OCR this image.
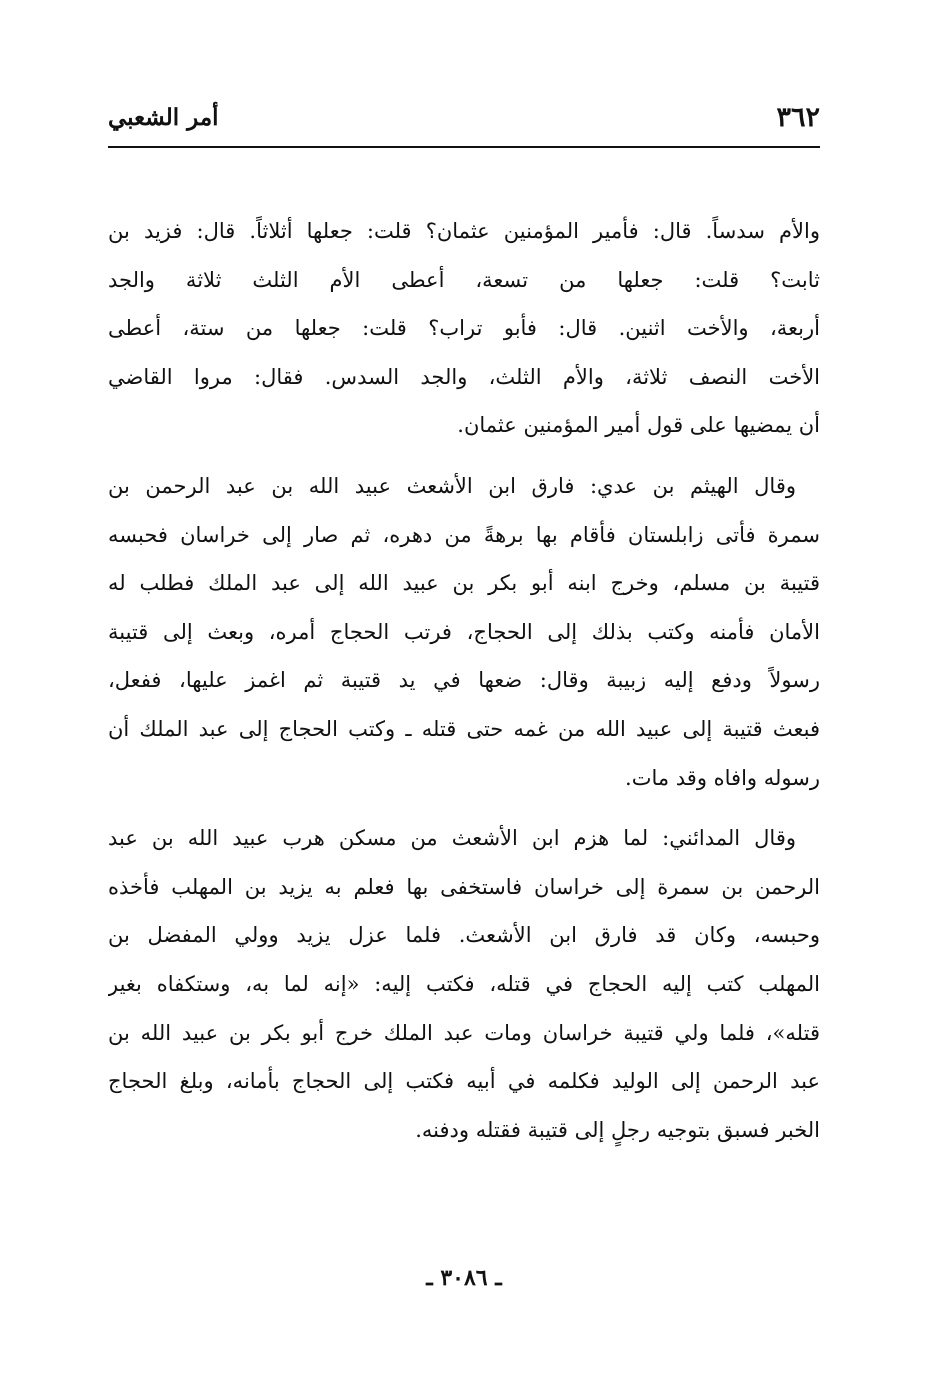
٣٦٢
أمر الشعبي

والأم سدساً. قال: فأمير المؤمنين عثمان؟ قلت: جعلها أثلاثاً. قال: فزيد بن
ثابت؟ قلت: جعلها من تسعة، أعطى الأم الثلث ثلاثة والجد
أربعة، والأخت اثنين. قال: فأبو تراب؟ قلت: جعلها من ستة، أعطى
الأخت النصف ثلاثة، والأم الثلث، والجد السدس. فقال: مروا القاضي
أن يمضيها على قول أمير المؤمنين عثمان.

وقال الهيثم بن عدي: فارق ابن الأشعث عبيد الله بن عبد الرحمن بن
سمرة فأتى زابلستان فأقام بها برهةً من دهره، ثم صار إلى خراسان فحبسه
قتيبة بن مسلم، وخرج ابنه أبو بكر بن عبيد الله إلى عبد الملك فطلب له
الأمان فأمنه وكتب بذلك إلى الحجاج، فرتب الحجاج أمره، وبعث إلى قتيبة
رسولاً ودفع إليه زبيبة وقال: ضعها في يد قتيبة ثم اغمز عليها، ففعل،
فبعث قتيبة إلى عبيد الله من غمه حتى قتله ـ وكتب الحجاج إلى عبد الملك أن
رسوله وافاه وقد مات.

وقال المدائني: لما هزم ابن الأشعث من مسكن هرب عبيد الله بن عبد
الرحمن بن سمرة إلى خراسان فاستخفى بها فعلم به يزيد بن المهلب فأخذه
وحبسه، وكان قد فارق ابن الأشعث. فلما عزل يزيد وولي المفضل بن
المهلب كتب إليه الحجاج في قتله، فكتب إليه: «إنه لما به، وستكفاه بغير
قتله»، فلما ولي قتيبة خراسان ومات عبد الملك خرج أبو بكر بن عبيد الله بن
عبد الرحمن إلى الوليد فكلمه في أبيه فكتب إلى الحجاج بأمانه، وبلغ الحجاج
الخبر فسبق بتوجيه رجلٍ إلى قتيبة فقتله ودفنه.

ـ ٣٠٨٦ ـ
